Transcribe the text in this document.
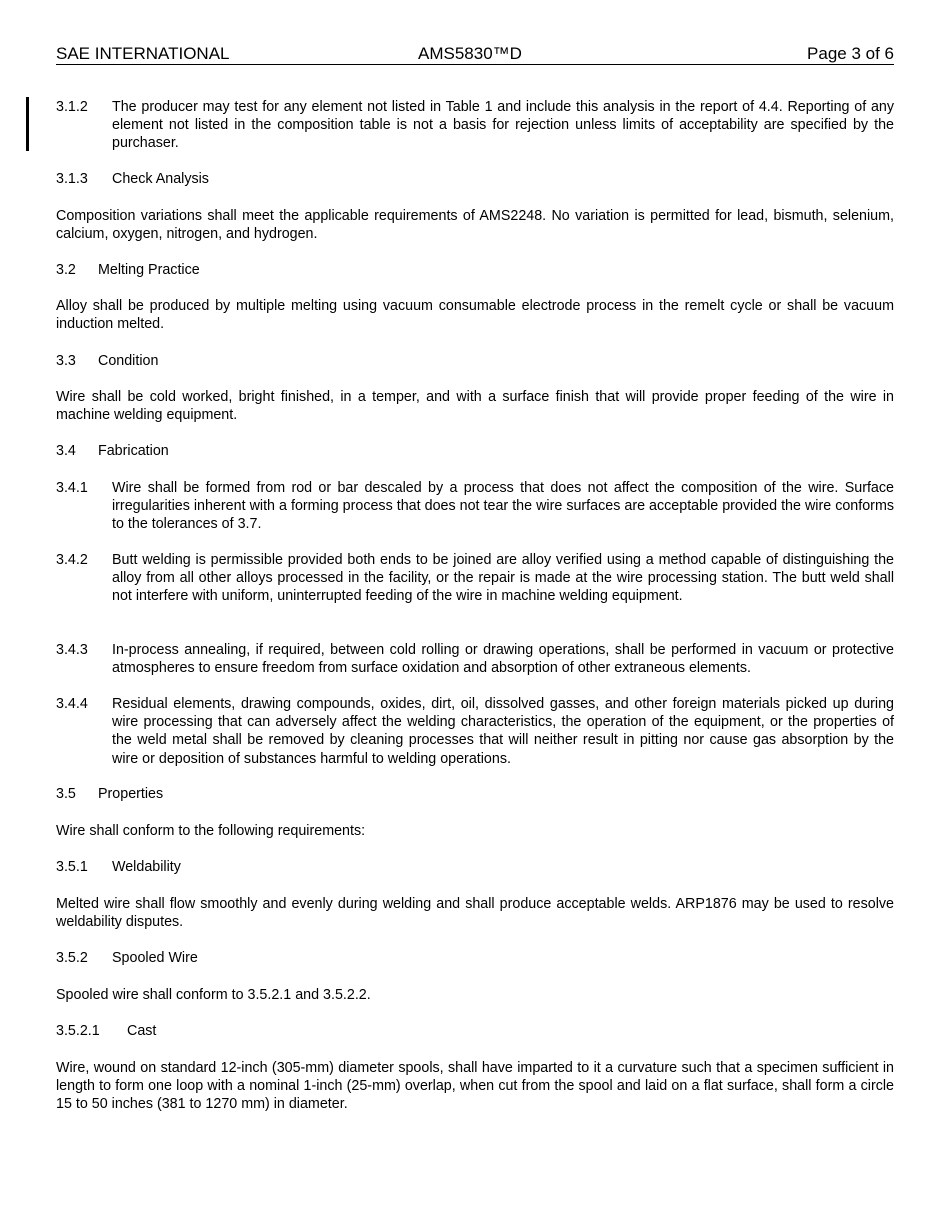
SAE INTERNATIONAL	AMS5830™D	Page 3 of 6
3.1.2 The producer may test for any element not listed in Table 1 and include this analysis in the report of 4.4. Reporting of any element not listed in the composition table is not a basis for rejection unless limits of acceptability are specified by the purchaser.
3.1.3 Check Analysis
Composition variations shall meet the applicable requirements of AMS2248. No variation is permitted for lead, bismuth, selenium, calcium, oxygen, nitrogen, and hydrogen.
3.2 Melting Practice
Alloy shall be produced by multiple melting using vacuum consumable electrode process in the remelt cycle or shall be vacuum induction melted.
3.3 Condition
Wire shall be cold worked, bright finished, in a temper, and with a surface finish that will provide proper feeding of the wire in machine welding equipment.
3.4 Fabrication
3.4.1 Wire shall be formed from rod or bar descaled by a process that does not affect the composition of the wire. Surface irregularities inherent with a forming process that does not tear the wire surfaces are acceptable provided the wire conforms to the tolerances of 3.7.
3.4.2 Butt welding is permissible provided both ends to be joined are alloy verified using a method capable of distinguishing the alloy from all other alloys processed in the facility, or the repair is made at the wire processing station. The butt weld shall not interfere with uniform, uninterrupted feeding of the wire in machine welding equipment.
3.4.3 In-process annealing, if required, between cold rolling or drawing operations, shall be performed in vacuum or protective atmospheres to ensure freedom from surface oxidation and absorption of other extraneous elements.
3.4.4 Residual elements, drawing compounds, oxides, dirt, oil, dissolved gasses, and other foreign materials picked up during wire processing that can adversely affect the welding characteristics, the operation of the equipment, or the properties of the weld metal shall be removed by cleaning processes that will neither result in pitting nor cause gas absorption by the wire or deposition of substances harmful to welding operations.
3.5 Properties
Wire shall conform to the following requirements:
3.5.1 Weldability
Melted wire shall flow smoothly and evenly during welding and shall produce acceptable welds. ARP1876 may be used to resolve weldability disputes.
3.5.2 Spooled Wire
Spooled wire shall conform to 3.5.2.1 and 3.5.2.2.
3.5.2.1 Cast
Wire, wound on standard 12-inch (305-mm) diameter spools, shall have imparted to it a curvature such that a specimen sufficient in length to form one loop with a nominal 1-inch (25-mm) overlap, when cut from the spool and laid on a flat surface, shall form a circle 15 to 50 inches (381 to 1270 mm) in diameter.
